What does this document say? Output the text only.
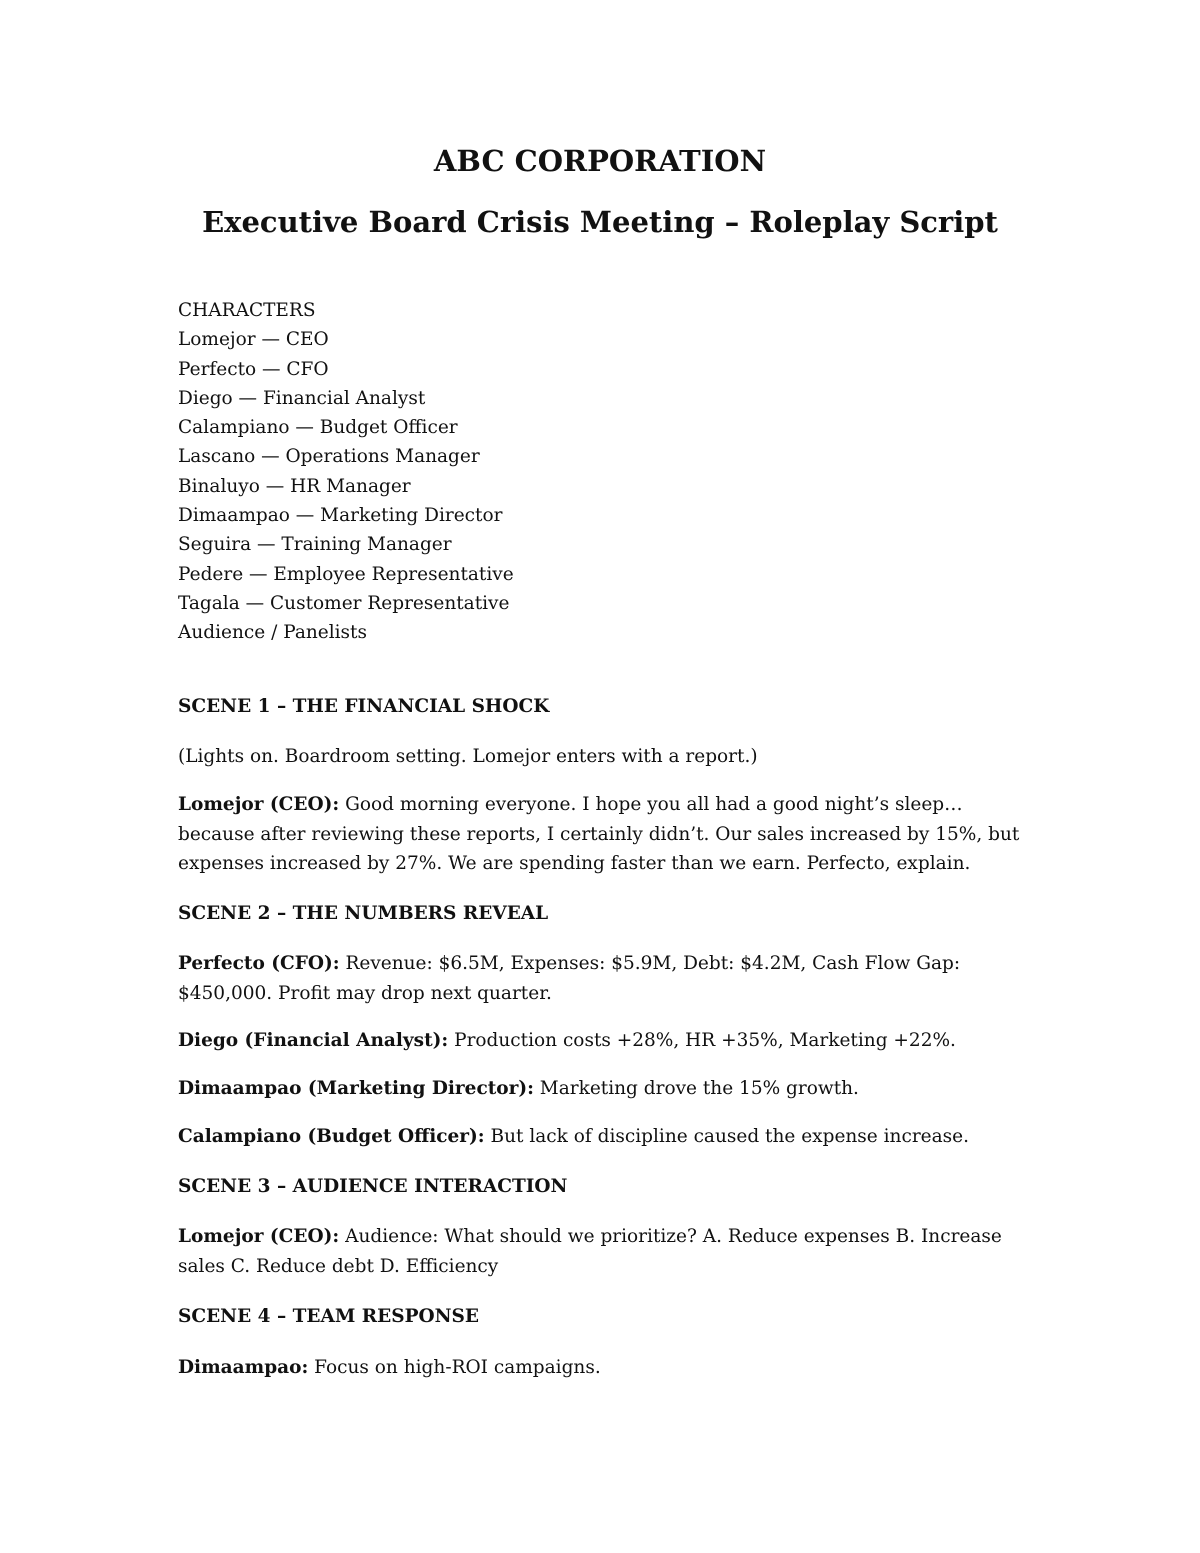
ABC CORPORATION
Executive Board Crisis Meeting – Roleplay Script
CHARACTERS
Lomejor — CEO
Perfecto — CFO
Diego — Financial Analyst
Calampiano — Budget Officer
Lascano — Operations Manager
Binaluyo — HR Manager
Dimaampao — Marketing Director
Seguira — Training Manager
Pedere — Employee Representative
Tagala — Customer Representative
Audience / Panelists
SCENE 1 – THE FINANCIAL SHOCK

(Lights on. Boardroom setting. Lomejor enters with a report.)

Lomejor (CEO): Good morning everyone. I hope you all had a good night’s sleep… because after reviewing these reports, I certainly didn’t. Our sales increased by 15%, but expenses increased by 27%. We are spending faster than we earn. Perfecto, explain.

SCENE 2 – THE NUMBERS REVEAL

Perfecto (CFO): Revenue: $6.5M, Expenses: $5.9M, Debt: $4.2M, Cash Flow Gap: $450,000. Profit may drop next quarter.

Diego (Financial Analyst): Production costs +28%, HR +35%, Marketing +22%.

Dimaampao (Marketing Director): Marketing drove the 15% growth.

Calampiano (Budget Officer): But lack of discipline caused the expense increase.

SCENE 3 – AUDIENCE INTERACTION

Lomejor (CEO): Audience: What should we prioritize? A. Reduce expenses B. Increase sales C. Reduce debt D. Efficiency

SCENE 4 – TEAM RESPONSE

Dimaampao: Focus on high-ROI campaigns.
